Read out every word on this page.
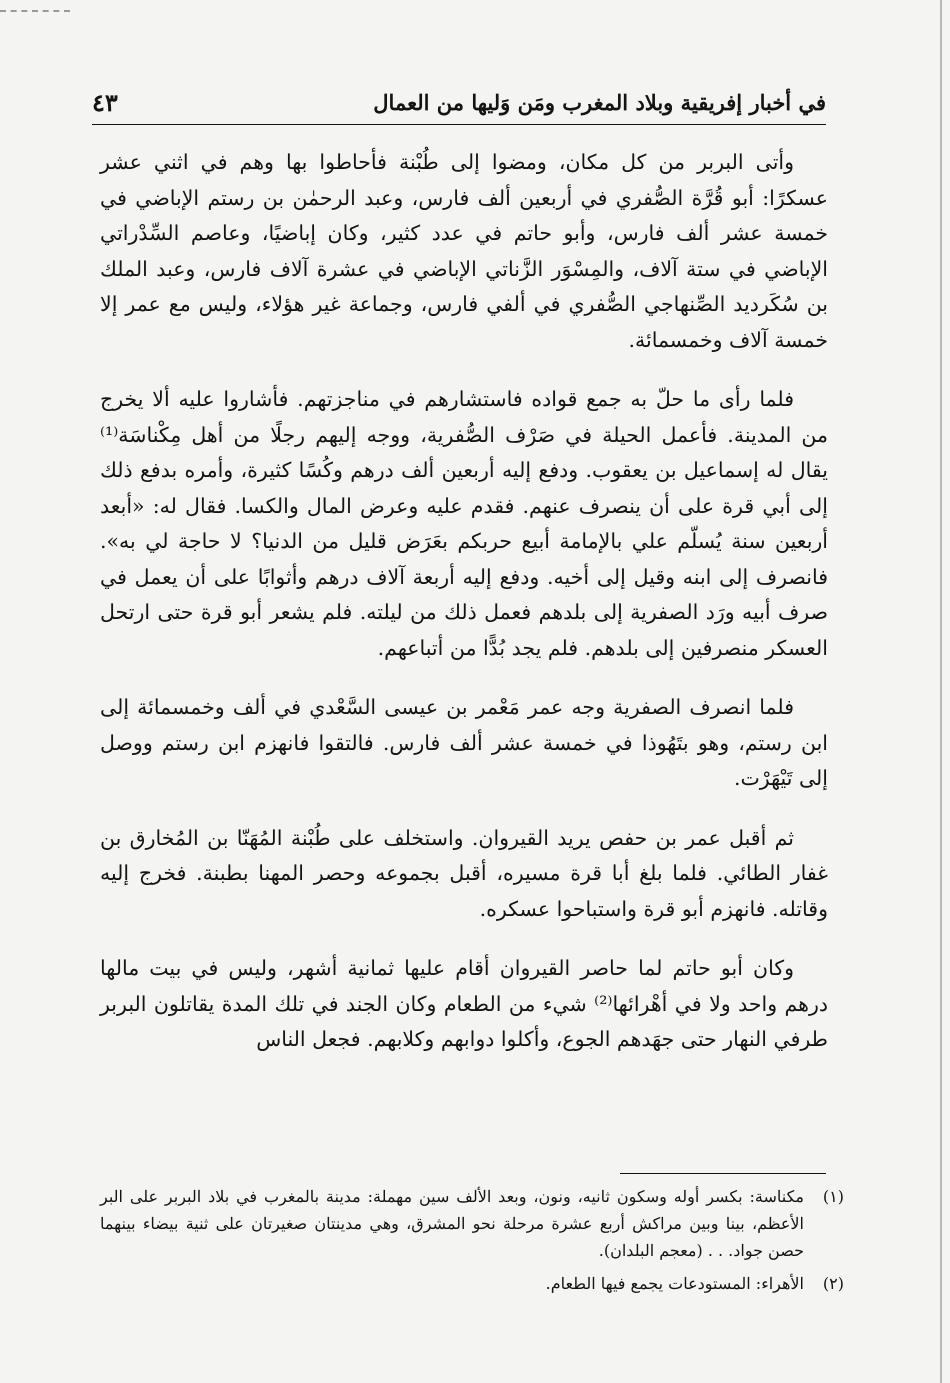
في أخبار إفريقية وبلاد المغرب ومَن وَليها من العمال
٤٣

وأتى البربر من كل مكان، ومضوا إلى طُبْنة فأحاطوا بها وهم في اثني عشر عسكرًا: أبو قُرَّة الصُّفري في أربعين ألف فارس، وعبد الرحمٰن بن رستم الإباضي في خمسة عشر ألف فارس، وأبو حاتم في عدد كثير، وكان إباضيًا، وعاصم السِّدْراتي الإباضي في ستة آلاف، والمِسْوَر الزَّناتي الإباضي في عشرة آلاف فارس، وعبد الملك بن سُكَرديد الصِّنهاجي الصُّفري في ألفي فارس، وجماعة غير هؤلاء، وليس مع عمر إلا خمسة آلاف وخمسمائة.

فلما رأى ما حلّ به جمع قواده فاستشارهم في مناجزتهم. فأشاروا عليه ألا يخرج من المدينة. فأعمل الحيلة في صَرْف الصُّفرية، ووجه إليهم رجلًا من أهل مِكْناسَة⁽¹⁾ يقال له إسماعيل بن يعقوب. ودفع إليه أربعين ألف درهم وكُسًا كثيرة، وأمره بدفع ذلك إلى أبي قرة على أن ينصرف عنهم. فقدم عليه وعرض المال والكسا. فقال له: «أبعد أربعين سنة يُسلّم علي بالإمامة أبيع حربكم بعَرَض قليل من الدنيا؟ لا حاجة لي به». فانصرف إلى ابنه وقيل إلى أخيه. ودفع إليه أربعة آلاف درهم وأثوابًا على أن يعمل في صرف أبيه ورَد الصفرية إلى بلدهم فعمل ذلك من ليلته. فلم يشعر أبو قرة حتى ارتحل العسكر منصرفين إلى بلدهم. فلم يجد بُدًّا من أتباعهم.

فلما انصرف الصفرية وجه عمر مَعْمر بن عيسى السَّعْدي في ألف وخمسمائة إلى ابن رستم، وهو بتَهُوذا في خمسة عشر ألف فارس. فالتقوا فانهزم ابن رستم ووصل إلى تَيْهَرْت.

ثم أقبل عمر بن حفص يريد القيروان. واستخلف على طُبْنة المُهَنّا بن المُخارق بن غفار الطائي. فلما بلغ أبا قرة مسيره، أقبل بجموعه وحصر المهنا بطبنة. فخرج إليه وقاتله. فانهزم أبو قرة واستباحوا عسكره.

وكان أبو حاتم لما حاصر القيروان أقام عليها ثمانية أشهر، وليس في بيت مالها درهم واحد ولا في أهْرائها⁽²⁾ شيء من الطعام وكان الجند في تلك المدة يقاتلون البربر طرفي النهار حتى جهَدهم الجوع، وأكلوا دوابهم وكلابهم. فجعل الناس

(١)
مكناسة: بكسر أوله وسكون ثانيه، ونون، وبعد الألف سين مهملة: مدينة بالمغرب في بلاد البربر على البر الأعظم، بينا وبين مراكش أربع عشرة مرحلة نحو المشرق، وهي مدينتان صغيرتان على ثنية بيضاء بينهما حصن جواد. . . (معجم البلدان).
(٢)
الأهراء: المستودعات يجمع فيها الطعام.
